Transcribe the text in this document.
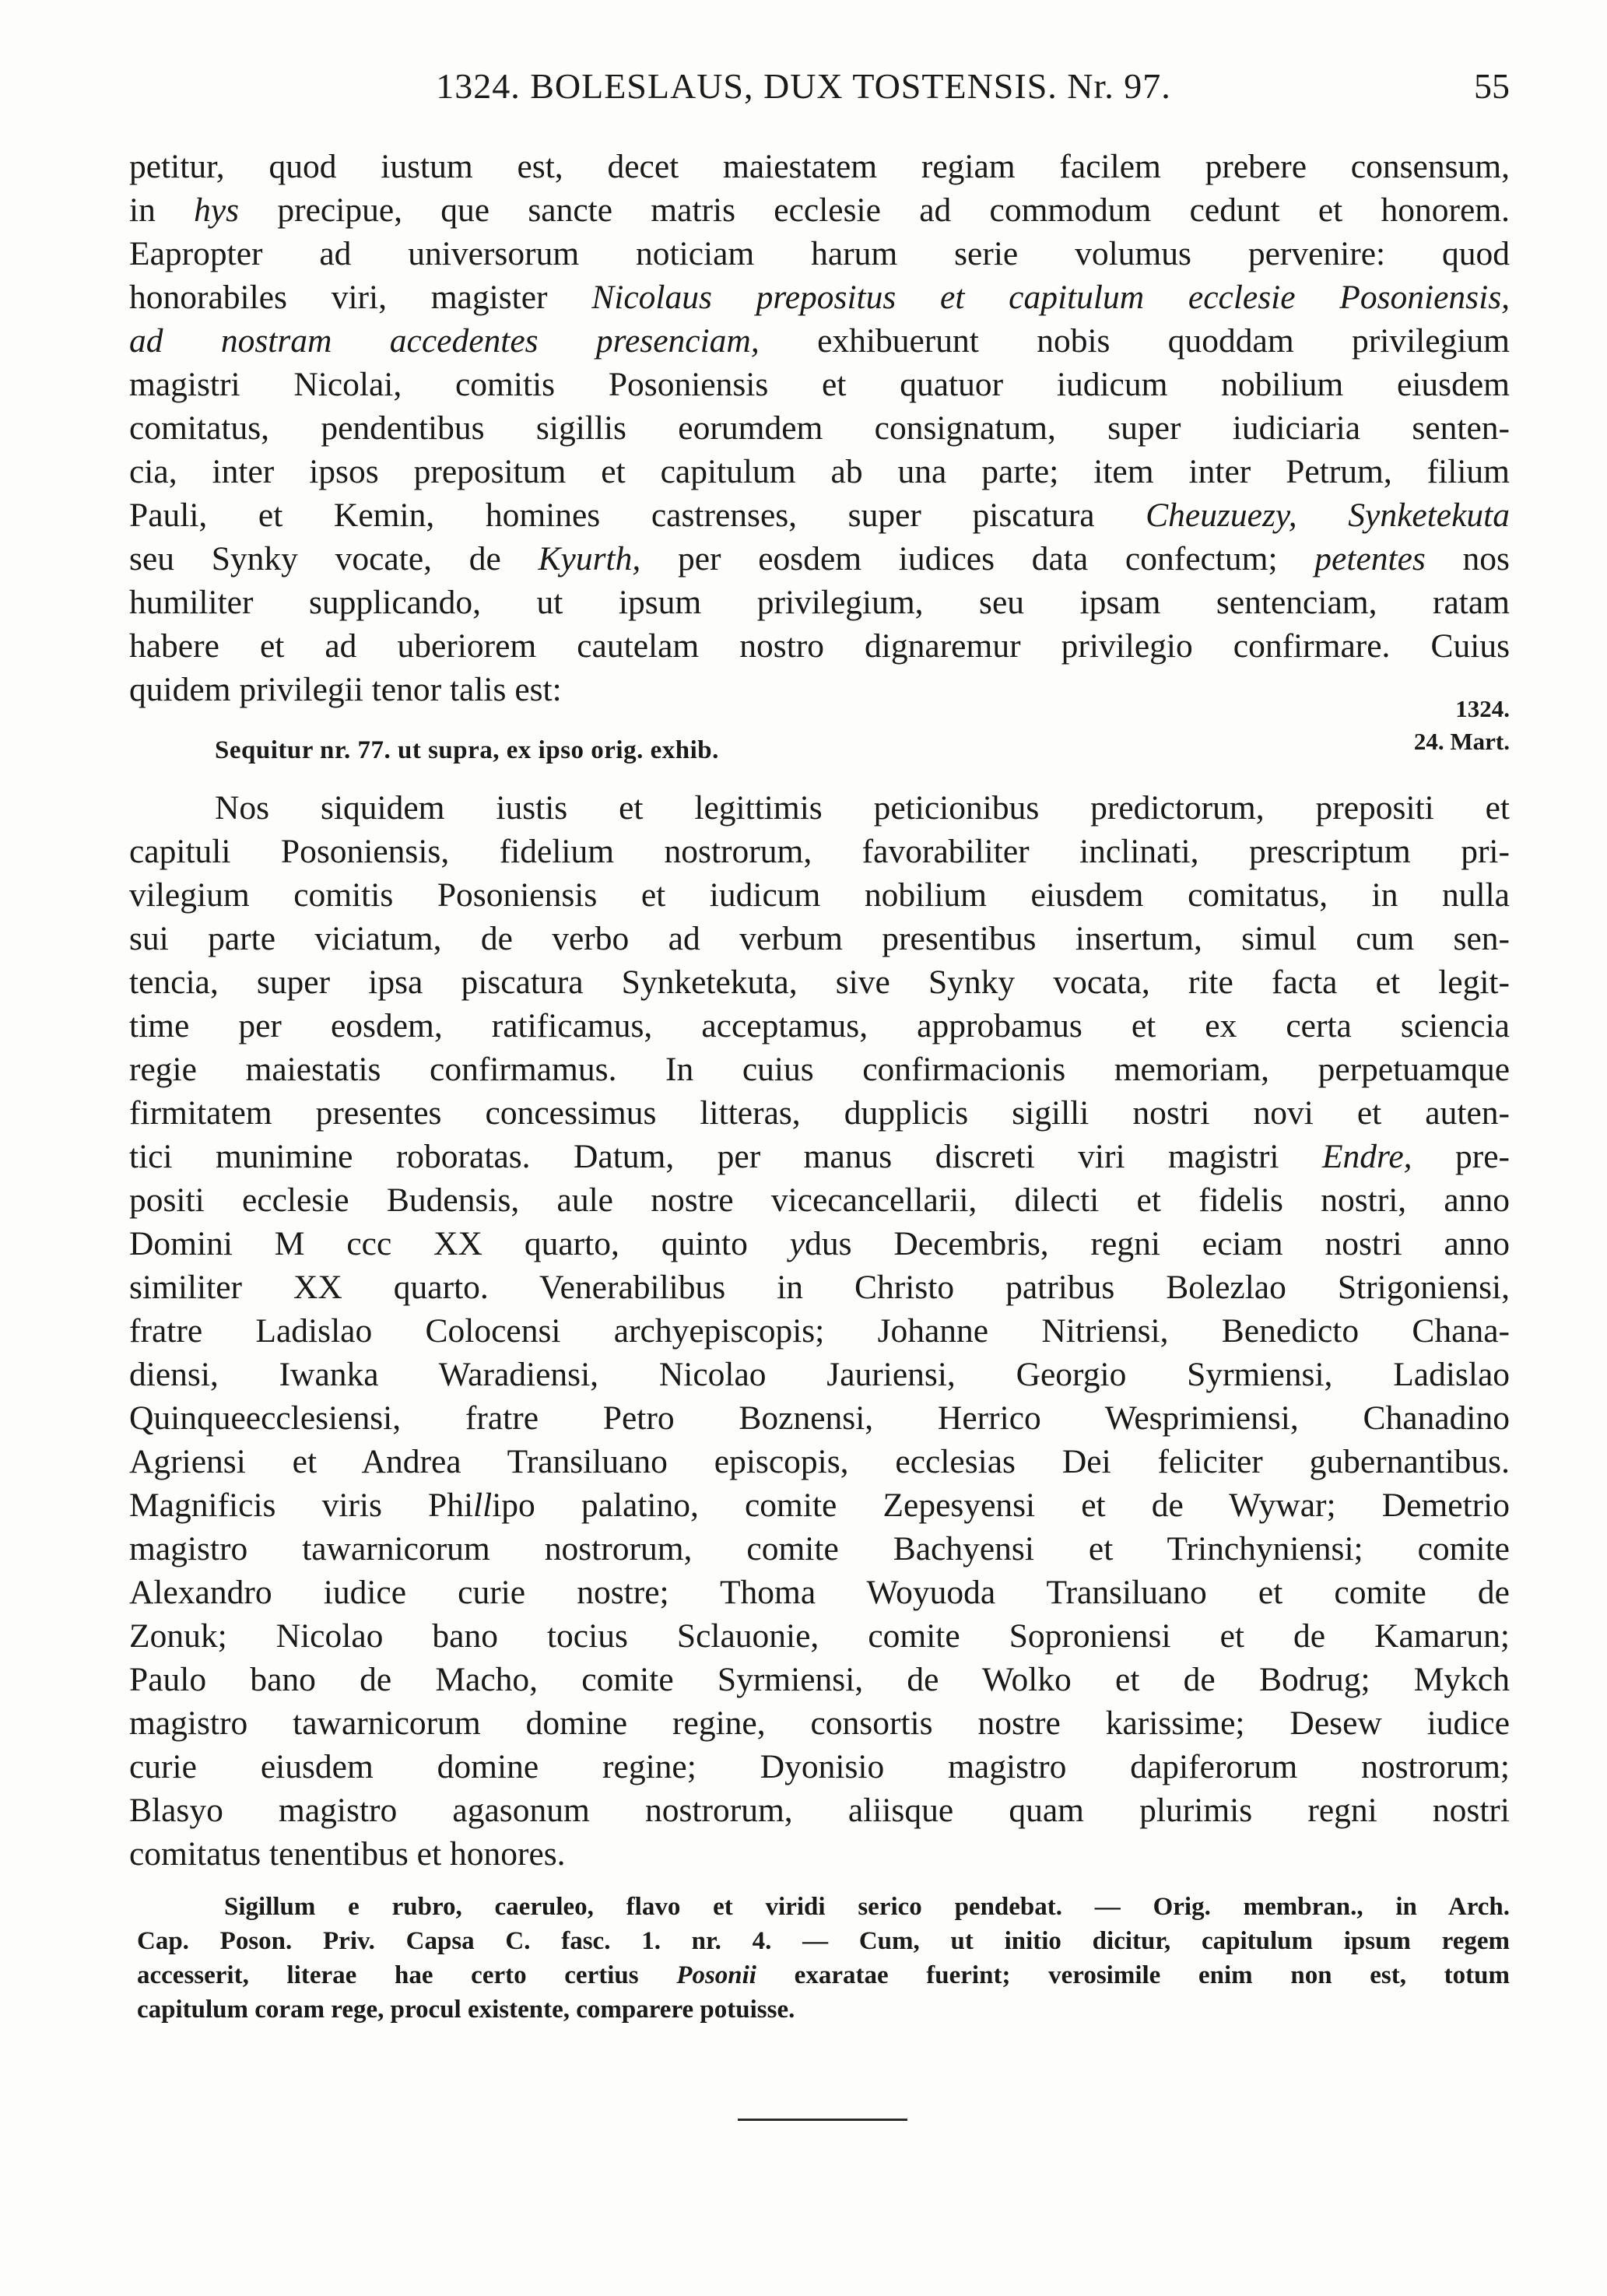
1324. BOLESLAUS, DUX TOSTENSIS. Nr. 97.	55
petitur, quod iustum est, decet maiestatem regiam facilem prebere consensum,
in hys precipue, que sancte matris ecclesie ad commodum cedunt et honorem.
Eapropter ad universorum noticiam harum serie volumus pervenire: quod
honorabiles viri, magister Nicolaus prepositus et capitulum ecclesie Posoniensis,
ad nostram accedentes presenciam, exhibuerunt nobis quoddam privilegium
magistri Nicolai, comitis Posoniensis et quatuor iudicum nobilium eiusdem
comitatus, pendentibus sigillis eorumdem consignatum, super iudiciaria senten-
cia, inter ipsos prepositum et capitulum ab una parte; item inter Petrum, filium
Pauli, et Kemin, homines castrenses, super piscatura Cheuzuezy, Synketekuta
seu Synky vocate, de Kyurth, per eosdem iudices data confectum; petentes nos
humiliter supplicando, ut ipsum privilegium, seu ipsam sentenciam, ratam
habere et ad uberiorem cautelam nostro dignaremur privilegio confirmare. Cuius
quidem privilegii tenor talis est:
1324.
24. Mart.
Sequitur nr. 77. ut supra, ex ipso orig. exhib.
Nos siquidem iustis et legittimis peticionibus predictorum, prepositi et
capituli Posoniensis, fidelium nostrorum, favorabiliter inclinati, prescriptum pri-
vilegium comitis Posoniensis et iudicum nobilium eiusdem comitatus, in nulla
sui parte viciatum, de verbo ad verbum presentibus insertum, simul cum sen-
tencia, super ipsa piscatura Synketekuta, sive Synky vocata, rite facta et legit-
time per eosdem, ratificamus, acceptamus, approbamus et ex certa sciencia
regie maiestatis confirmamus. In cuius confirmacionis memoriam, perpetuamque
firmitatem presentes concessimus litteras, dupplicis sigilli nostri novi et auten-
tici munimine roboratas. Datum, per manus discreti viri magistri Endre, pre-
positi ecclesie Budensis, aule nostre vicecancellarii, dilecti et fidelis nostri, anno
Domini M ccc XX quarto, quinto ydus Decembris, regni eciam nostri anno
similiter XX quarto. Venerabilibus in Christo patribus Bolezlao Strigoniensi,
fratre Ladislao Colocensi archyepiscopis; Johanne Nitriensi, Benedicto Chana-
diensi, Iwanka Waradiensi, Nicolao Jauriensi, Georgio Syrmiensi, Ladislao
Quinqueecclesiensi, fratre Petro Boznensi, Herrico Wesprimiensi, Chanadino
Agriensi et Andrea Transiluano episcopis, ecclesias Dei feliciter gubernantibus.
Magnificis viris Phillipo palatino, comite Zepesyensi et de Wywar; Demetrio
magistro tawarnicorum nostrorum, comite Bachyensi et Trinchyniensi; comite
Alexandro iudice curie nostre; Thoma Woyuoda Transiluano et comite de
Zonuk; Nicolao bano tocius Sclauonie, comite Soproniensi et de Kamarun;
Paulo bano de Macho, comite Syrmiensi, de Wolko et de Bodrug; Mykch
magistro tawarnicorum domine regine, consortis nostre karissime; Desew iudice
curie eiusdem domine regine; Dyonisio magistro dapiferorum nostrorum;
Blasyo magistro agasonum nostrorum, aliisque quam plurimis regni nostri
comitatus tenentibus et honores.
Sigillum e rubro, caeruleo, flavo et viridi serico pendebat. — Orig. membran., in Arch.
Cap. Poson. Priv. Capsa C. fasc. 1. nr. 4. — Cum, ut initio dicitur, capitulum ipsum regem
accesserit, literae hae certo certius Posonii exaratae fuerint; verosimile enim non est, totum
capitulum coram rege, procul existente, comparere potuisse.
